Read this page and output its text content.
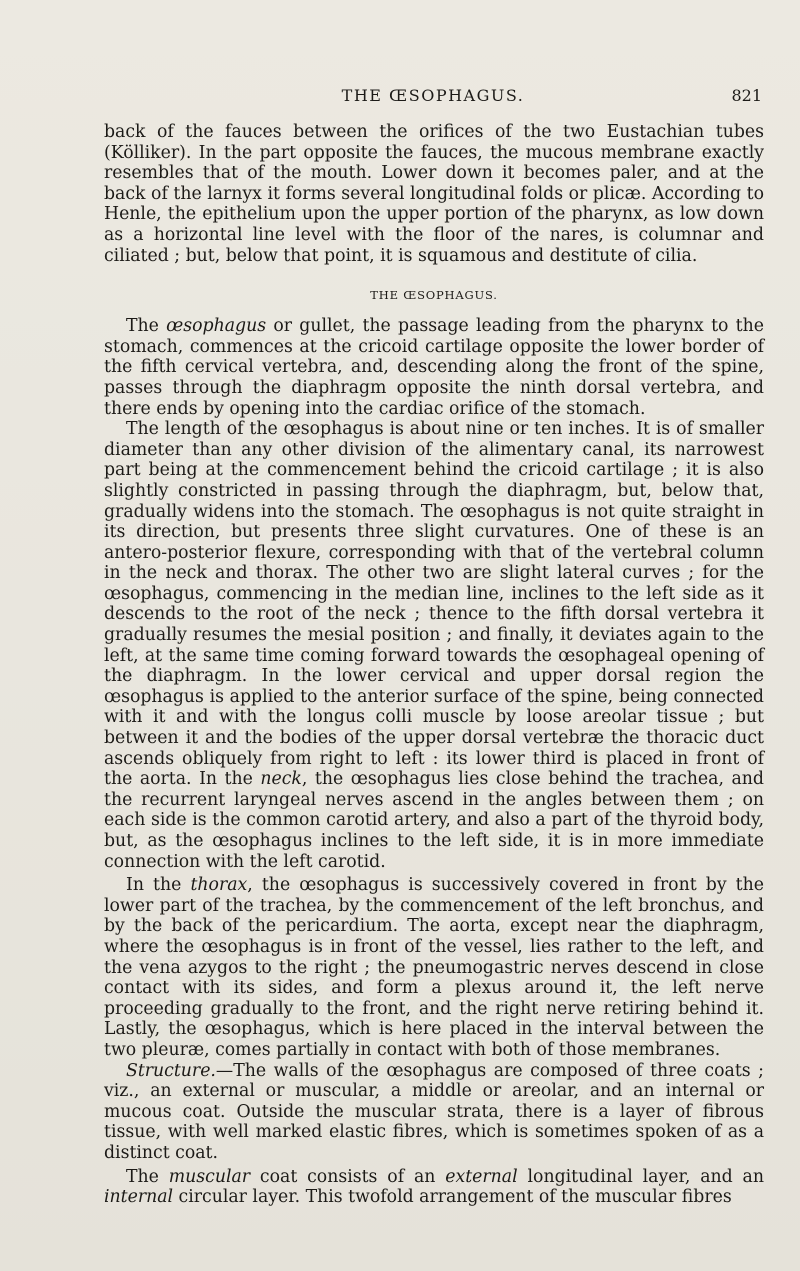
THE ŒSOPHAGUS.	821

back of the fauces between the orifices of the two Eustachian tubes (Kölliker). In the part opposite the fauces, the mucous membrane exactly resembles that of the mouth. Lower down it becomes paler, and at the back of the larnyx it forms several longitudinal folds or plicæ. According to Henle, the epithelium upon the upper portion of the pharynx, as low down as a horizontal line level with the floor of the nares, is columnar and ciliated ; but, below that point, it is squamous and destitute of cilia.

THE ŒSOPHAGUS.

The œsophagus or gullet, the passage leading from the pharynx to the stomach, commences at the cricoid cartilage opposite the lower border of the fifth cervical vertebra, and, descending along the front of the spine, passes through the diaphragm opposite the ninth dorsal vertebra, and there ends by opening into the cardiac orifice of the stomach.

The length of the œsophagus is about nine or ten inches. It is of smaller diameter than any other division of the alimentary canal, its narrowest part being at the commencement behind the cricoid cartilage ; it is also slightly constricted in passing through the diaphragm, but, below that, gradually widens into the stomach. The œsophagus is not quite straight in its direction, but presents three slight curvatures. One of these is an antero-posterior flexure, corresponding with that of the vertebral column in the neck and thorax. The other two are slight lateral curves ; for the œsophagus, commencing in the median line, inclines to the left side as it descends to the root of the neck ; thence to the fifth dorsal vertebra it gradually resumes the mesial position ; and finally, it deviates again to the left, at the same time coming forward towards the œsophageal opening of the diaphragm. In the lower cervical and upper dorsal region the œsophagus is applied to the anterior surface of the spine, being connected with it and with the longus colli muscle by loose areolar tissue ; but between it and the bodies of the upper dorsal vertebræ the thoracic duct ascends obliquely from right to left : its lower third is placed in front of the aorta. In the neck, the œsophagus lies close behind the trachea, and the recurrent laryngeal nerves ascend in the angles between them ; on each side is the common carotid artery, and also a part of the thyroid body, but, as the œsophagus inclines to the left side, it is in more immediate connection with the left carotid.

In the thorax, the œsophagus is successively covered in front by the lower part of the trachea, by the commencement of the left bronchus, and by the back of the pericardium. The aorta, except near the diaphragm, where the œsophagus is in front of the vessel, lies rather to the left, and the vena azygos to the right ; the pneumogastric nerves descend in close contact with its sides, and form a plexus around it, the left nerve proceeding gradually to the front, and the right nerve retiring behind it. Lastly, the œsophagus, which is here placed in the interval between the two pleuræ, comes partially in contact with both of those membranes.

Structure.—The walls of the œsophagus are composed of three coats ; viz., an external or muscular, a middle or areolar, and an internal or mucous coat. Outside the muscular strata, there is a layer of fibrous tissue, with well marked elastic fibres, which is sometimes spoken of as a distinct coat.

The muscular coat consists of an external longitudinal layer, and an internal circular layer. This twofold arrangement of the muscular fibres
